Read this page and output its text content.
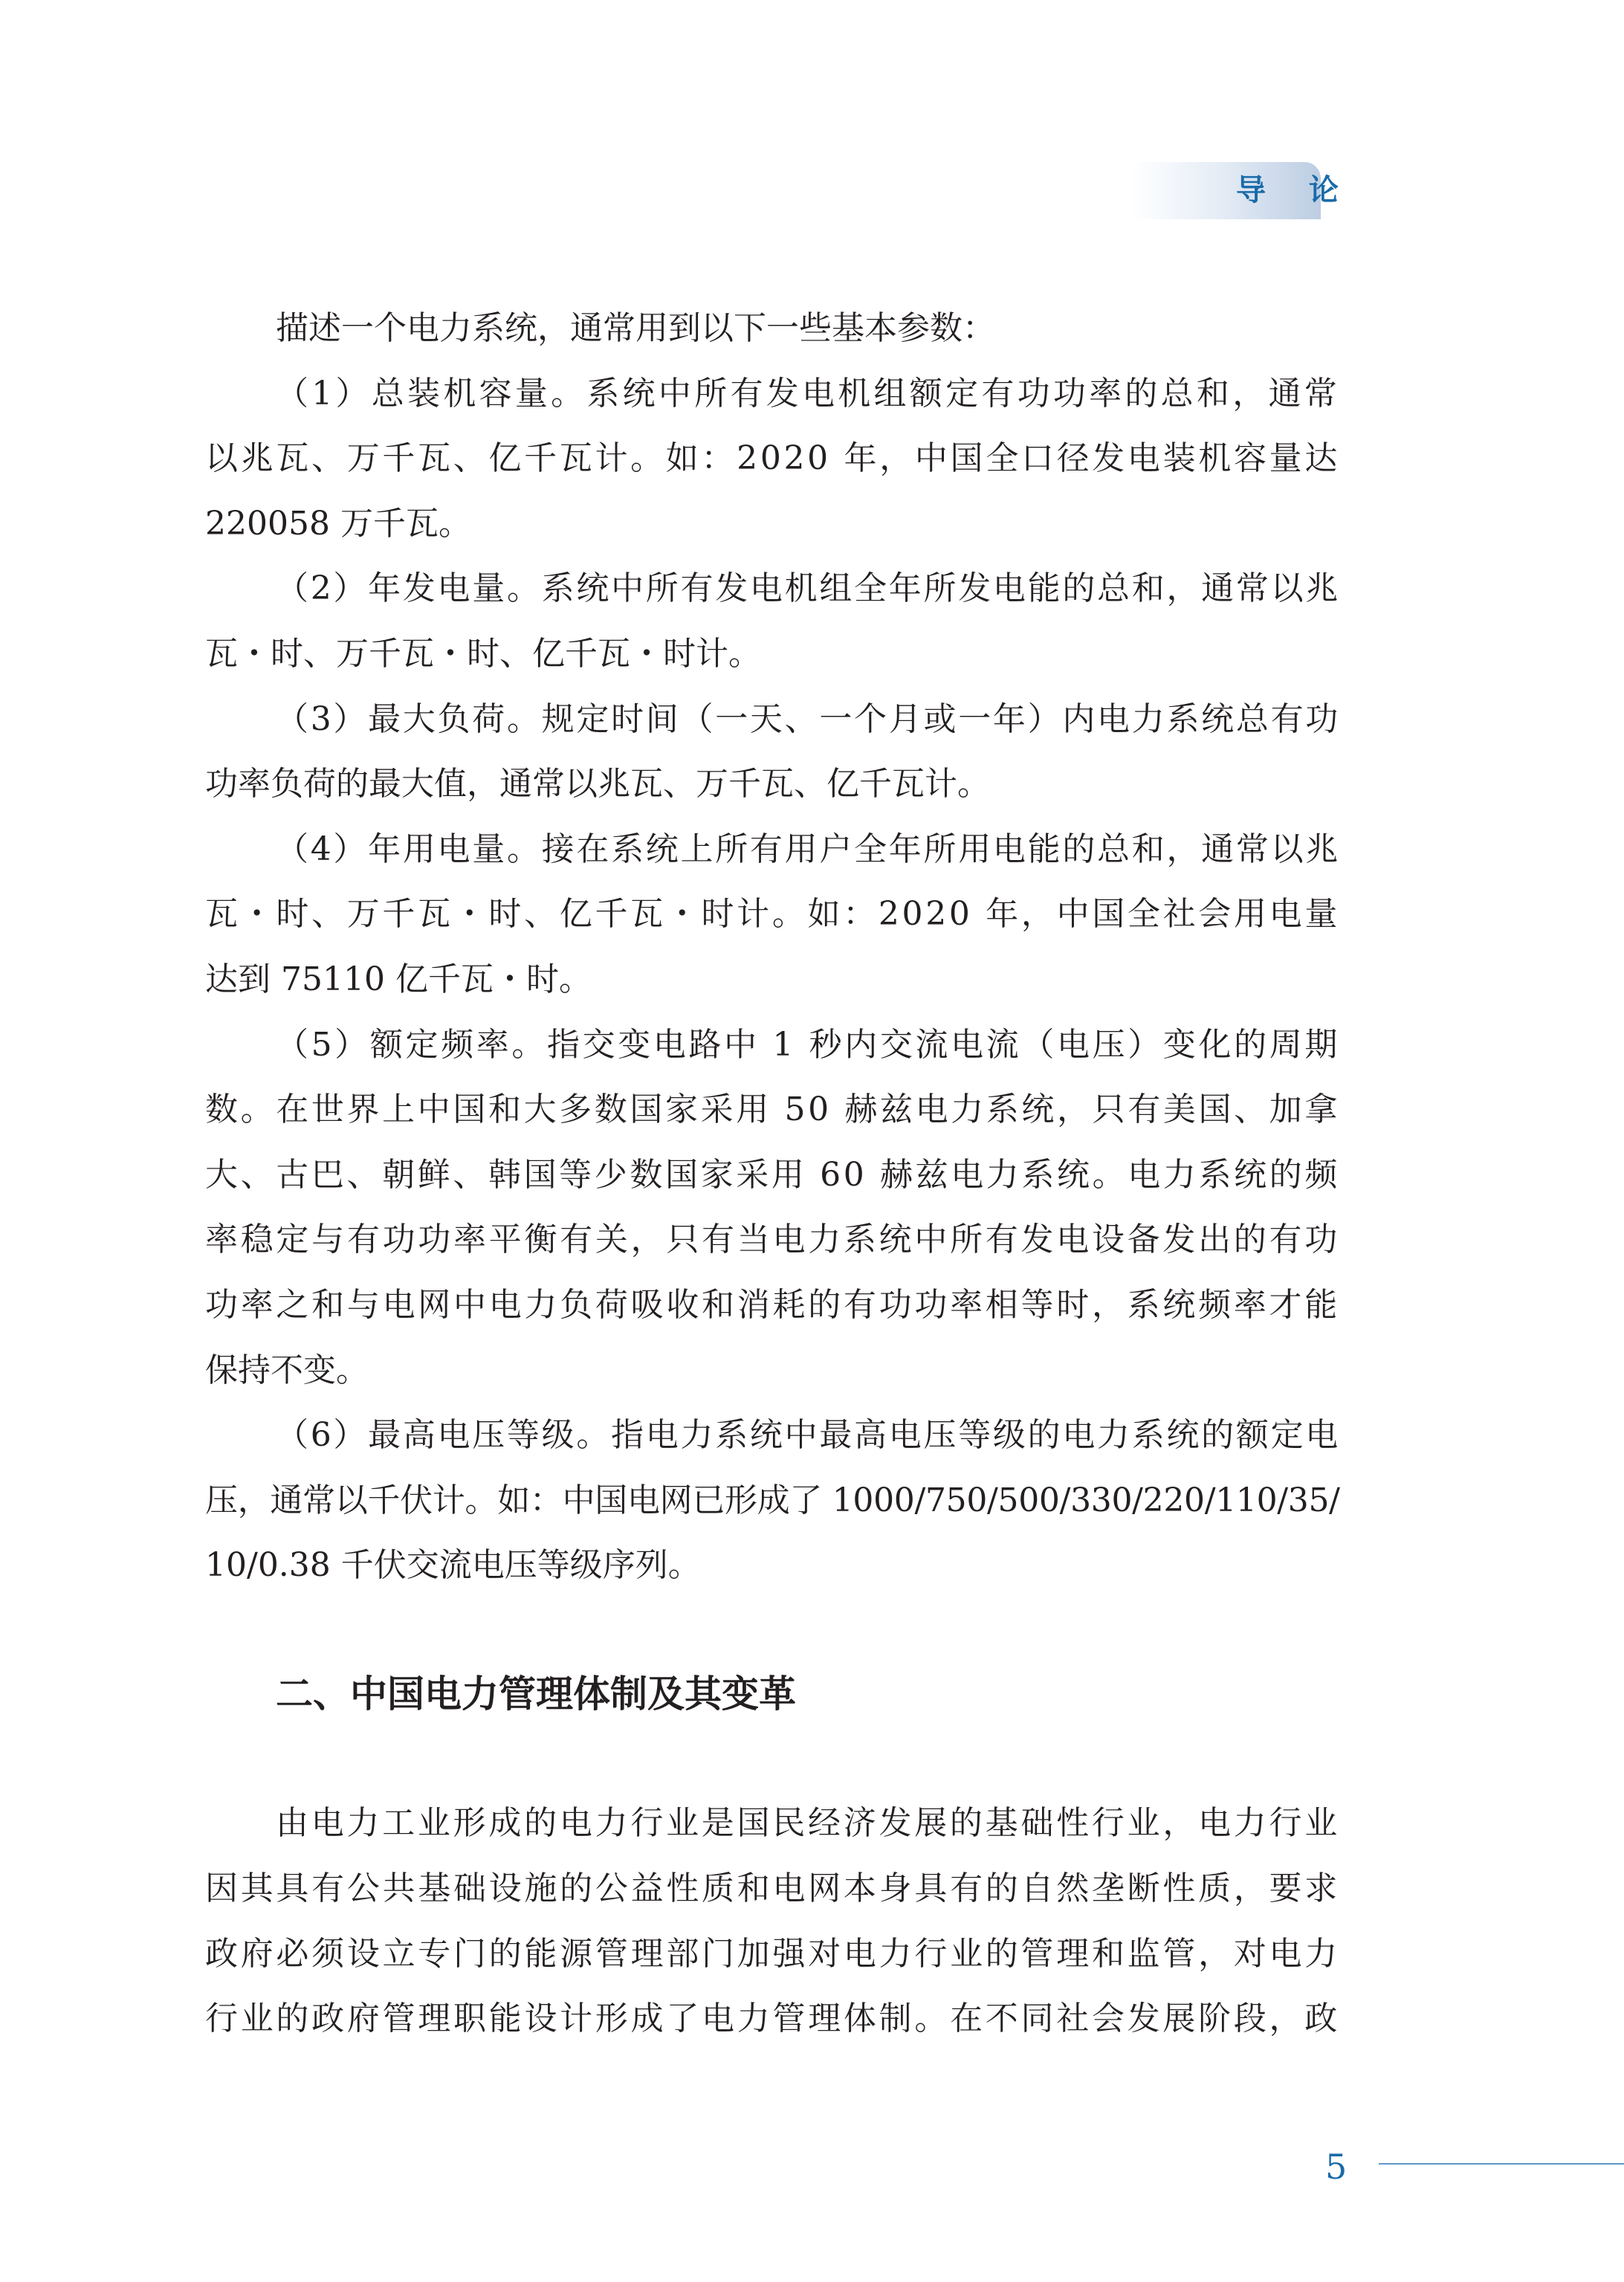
导 论
描述一个电力系统，通常用到以下一些基本参数：
（1）总装机容量。系统中所有发电机组额定有功功率的总和，通常
以兆瓦、万千瓦、亿千瓦计。如：2020 年，中国全口径发电装机容量达
220058 万千瓦。
（2）年发电量。系统中所有发电机组全年所发电能的总和，通常以兆
瓦・时、万千瓦・时、亿千瓦・时计。
（3）最大负荷。规定时间（一天、一个月或一年）内电力系统总有功
功率负荷的最大值，通常以兆瓦、万千瓦、亿千瓦计。
（4）年用电量。接在系统上所有用户全年所用电能的总和，通常以兆
瓦・时、万千瓦・时、亿千瓦・时计。如：2020 年，中国全社会用电量
达到 75110 亿千瓦・时。
（5）额定频率。指交变电路中 1 秒内交流电流（电压）变化的周期
数。在世界上中国和大多数国家采用 50 赫兹电力系统，只有美国、加拿
大、古巴、朝鲜、韩国等少数国家采用 60 赫兹电力系统。电力系统的频
率稳定与有功功率平衡有关，只有当电力系统中所有发电设备发出的有功
功率之和与电网中电力负荷吸收和消耗的有功功率相等时，系统频率才能
保持不变。
（6）最高电压等级。指电力系统中最高电压等级的电力系统的额定电
压，通常以千伏计。如：中国电网已形成了 1000/750/500/330/220/110/35/
10/0.38 千伏交流电压等级序列。
二、中国电力管理体制及其变革
由电力工业形成的电力行业是国民经济发展的基础性行业，电力行业
因其具有公共基础设施的公益性质和电网本身具有的自然垄断性质，要求
政府必须设立专门的能源管理部门加强对电力行业的管理和监管，对电力
行业的政府管理职能设计形成了电力管理体制。在不同社会发展阶段，政
5
